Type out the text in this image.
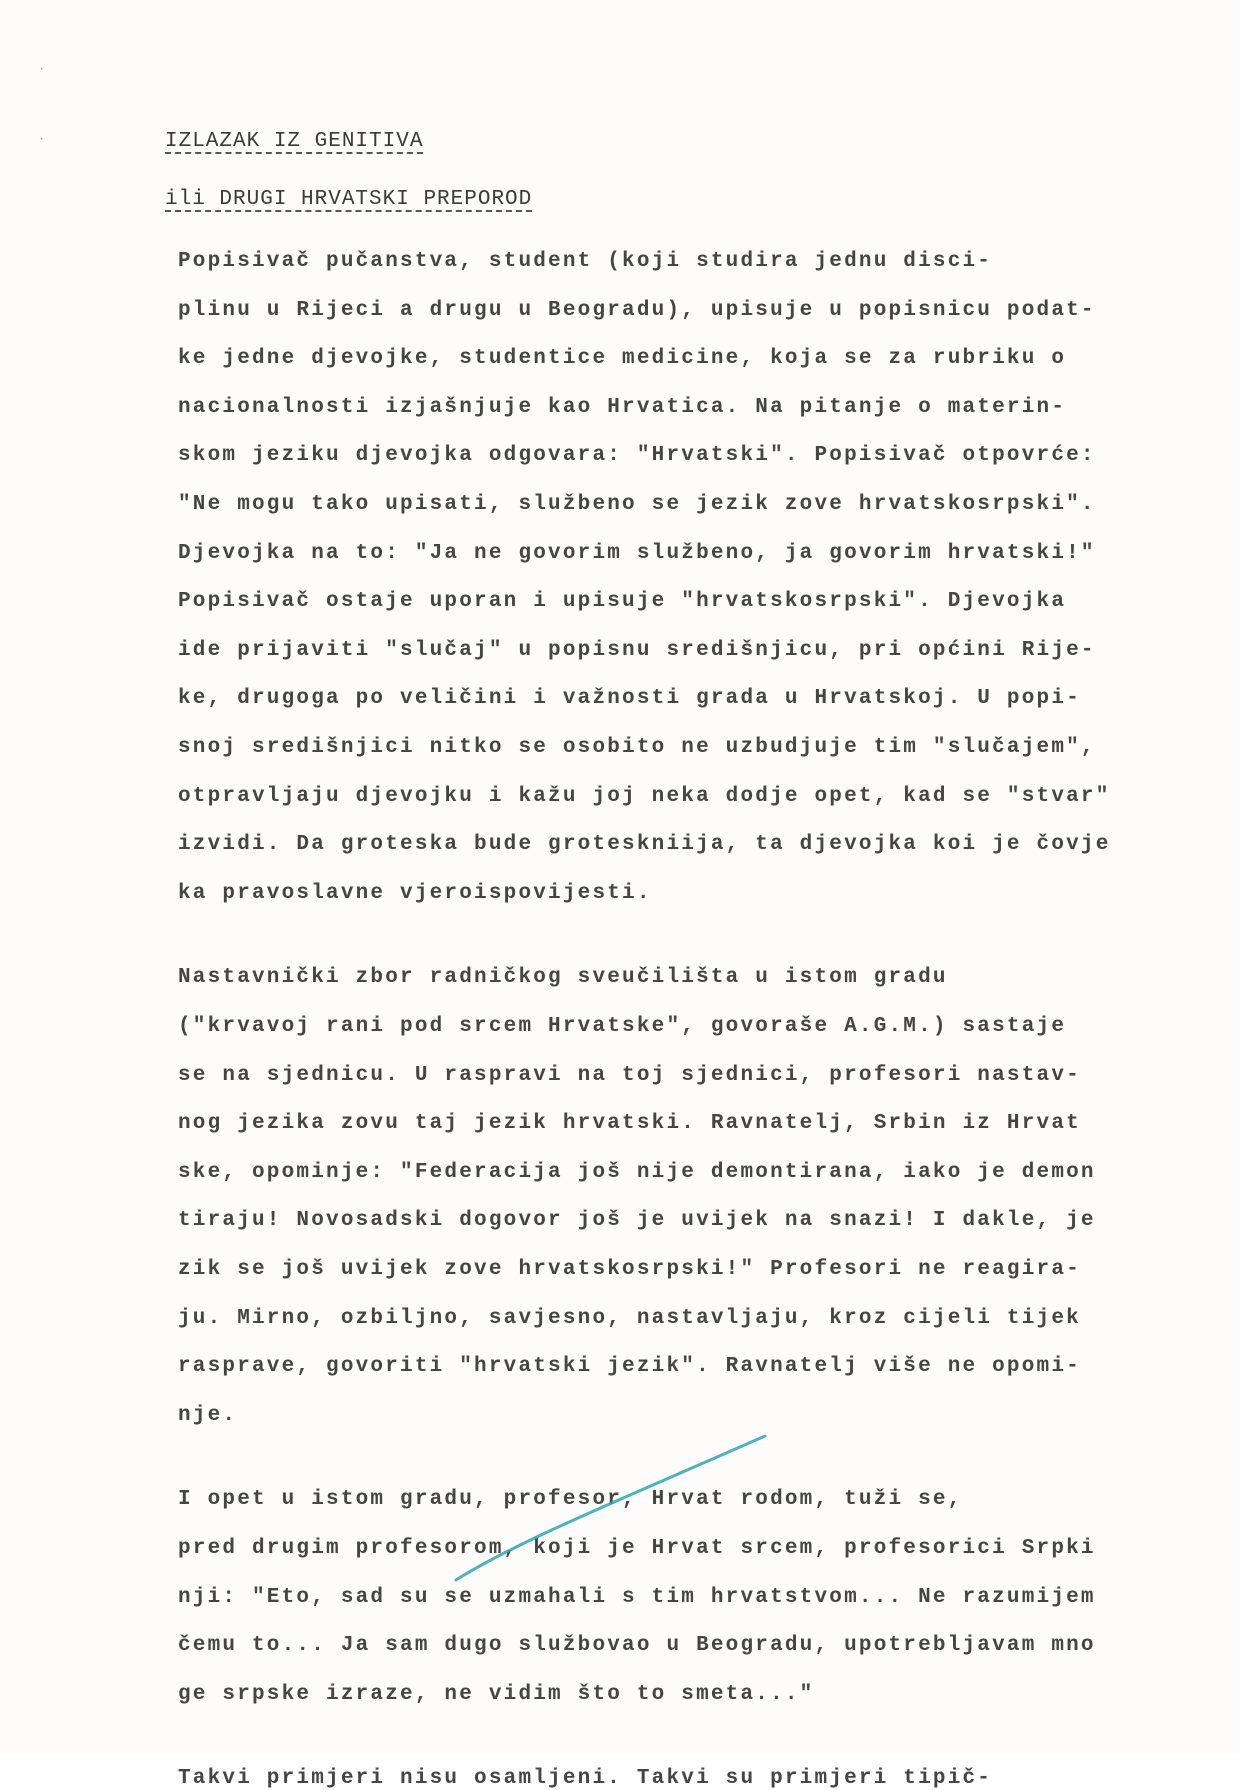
·
·	IZLAZAK IZ GENITIVA
ili DRUGI HRVATSKI PREPOROD
Popisivač pučanstva, student (koji studira jednu disci-
plinu u Rijeci a drugu u Beogradu), upisuje u popisnicu podat-
ke jedne djevojke, studentice medicine, koja se za rubriku o
nacionalnosti izjašnjuje kao Hrvatica. Na pitanje o materin-
skom jeziku djevojka odgovara: "Hrvatski". Popisivač otpovrće:
"Ne mogu tako upisati, službeno se jezik zove hrvatskosrpski".
Djevojka na to: "Ja ne govorim službeno, ja govorim hrvatski!"
Popisivač ostaje uporan i upisuje "hrvatskosrpski". Djevojka
ide prijaviti "slučaj" u popisnu središnjicu, pri općini Rije-
ke, drugoga po veličini i važnosti grada u Hrvatskoj. U popi-
snoj središnjici nitko se osobito ne uzbudjuje tim "slučajem",
otpravljaju djevojku i kažu joj neka dodje opet, kad se "stvar"
izvidi. Da groteska bude groteskniija, ta djevojka koi je čovje
ka pravoslavne vjeroispovijesti.
Nastavnički zbor radničkog sveučilišta u istom gradu
("krvavoj rani pod srcem Hrvatske", govoraše A.G.M.) sastaje
se na sjednicu. U raspravi na toj sjednici, profesori nastav-
nog jezika zovu taj jezik hrvatski. Ravnatelj, Srbin iz Hrvat
ske, opominje: "Federacija još nije demontirana, iako je demon
tiraju! Novosadski dogovor još je uvijek na snazi! I dakle, je
zik se još uvijek zove hrvatskosrpski!" Profesori ne reagira-
ju. Mirno, ozbiljno, savjesno, nastavljaju, kroz cijeli tijek
rasprave, govoriti "hrvatski jezik". Ravnatelj više ne opomi-
nje.
I opet u istom gradu, profesor, Hrvat rodom, tuži se,
pred drugim profesorom, koji je Hrvat srcem, profesorici Srpki
nji: "Eto, sad su se uzmahali s tim hrvatstvom... Ne razumijem
čemu to... Ja sam dugo službovao u Beogradu, upotrebljavam mno
ge srpske izraze, ne vidim što to smeta..."
Takvi primjeri nisu osamljeni. Takvi su primjeri tipič-
